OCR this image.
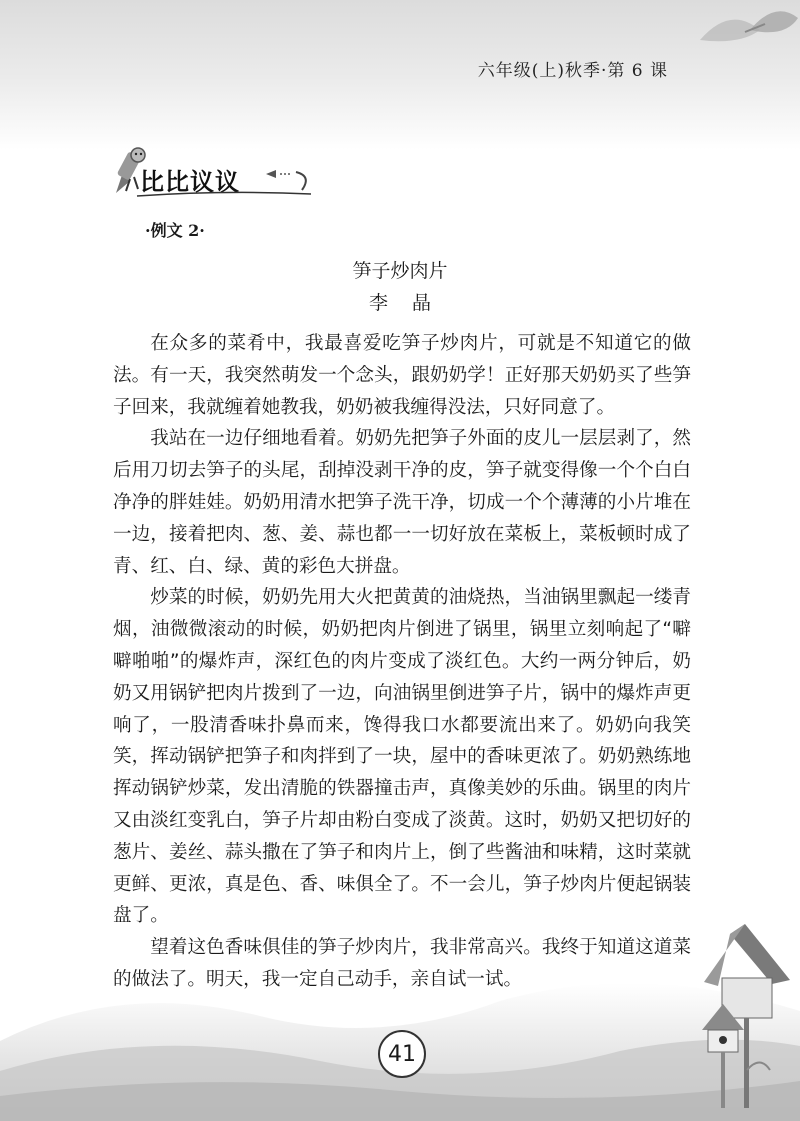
比比议议
六年级(上)秋季·第 6 课
·例文 2·
笋子炒肉片
李晶

在众多的菜肴中，我最喜爱吃笋子炒肉片，可就是不知道它的做法。有一天，我突然萌发一个念头，跟奶奶学！正好那天奶奶买了些笋子回来，我就缠着她教我，奶奶被我缠得没法，只好同意了。

我站在一边仔细地看着。奶奶先把笋子外面的皮儿一层层剥了，然后用刀切去笋子的头尾，刮掉没剥干净的皮，笋子就变得像一个个白白净净的胖娃娃。奶奶用清水把笋子洗干净，切成一个个薄薄的小片堆在一边，接着把肉、葱、姜、蒜也都一一切好放在菜板上，菜板顿时成了青、红、白、绿、黄的彩色大拼盘。

炒菜的时候，奶奶先用大火把黄黄的油烧热，当油锅里飘起一缕青烟，油微微滚动的时候，奶奶把肉片倒进了锅里，锅里立刻响起了“噼噼啪啪”的爆炸声，深红色的肉片变成了淡红色。大约一两分钟后，奶奶又用锅铲把肉片拨到了一边，向油锅里倒进笋子片，锅中的爆炸声更响了，一股清香味扑鼻而来，馋得我口水都要流出来了。奶奶向我笑笑，挥动锅铲把笋子和肉拌到了一块，屋中的香味更浓了。奶奶熟练地挥动锅铲炒菜，发出清脆的铁器撞击声，真像美妙的乐曲。锅里的肉片又由淡红变乳白，笋子片却由粉白变成了淡黄。这时，奶奶又把切好的葱片、姜丝、蒜头撒在了笋子和肉片上，倒了些酱油和味精，这时菜就更鲜、更浓，真是色、香、味俱全了。不一会儿，笋子炒肉片便起锅装盘了。

望着这色香味俱佳的笋子炒肉片，我非常高兴。我终于知道这道菜的做法了。明天，我一定自己动手，亲自试一试。

41
